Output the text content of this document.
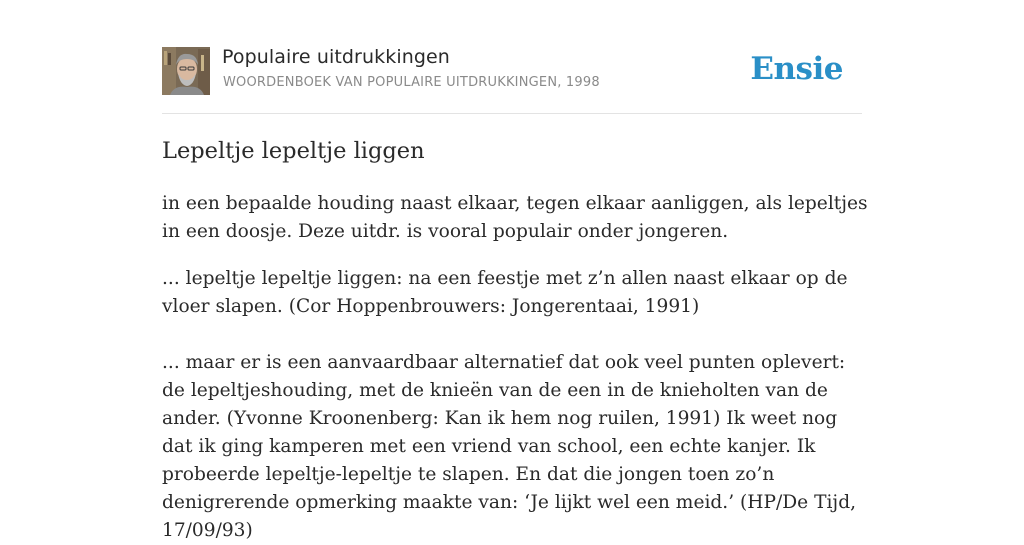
Populaire uitdrukkingen
WOORDENBOEK VAN POPULAIRE UITDRUKKINGEN, 1998	Ensie
Lepeltje lepeltje liggen

in een bepaalde houding naast elkaar, tegen elkaar aanliggen, als lepeltjes in een doosje. Deze uitdr. is vooral populair onder jongeren.

... lepeltje lepeltje liggen: na een feestje met z’n allen naast elkaar op de vloer slapen. (Cor Hoppenbrouwers: Jongerentaai, 1991)

... maar er is een aanvaardbaar alternatief dat ook veel punten oplevert: de lepeltjeshouding, met de knieën van de een in de knieholten van de ander. (Yvonne Kroonenberg: Kan ik hem nog ruilen, 1991) Ik weet nog dat ik ging kamperen met een vriend van school, een echte kanjer. Ik probeerde lepeltje-lepeltje te slapen. En dat die jongen toen zo’n denigrerende opmerking maakte van: ‘Je lijkt wel een meid.’ (HP/De Tijd, 17/09/93)
